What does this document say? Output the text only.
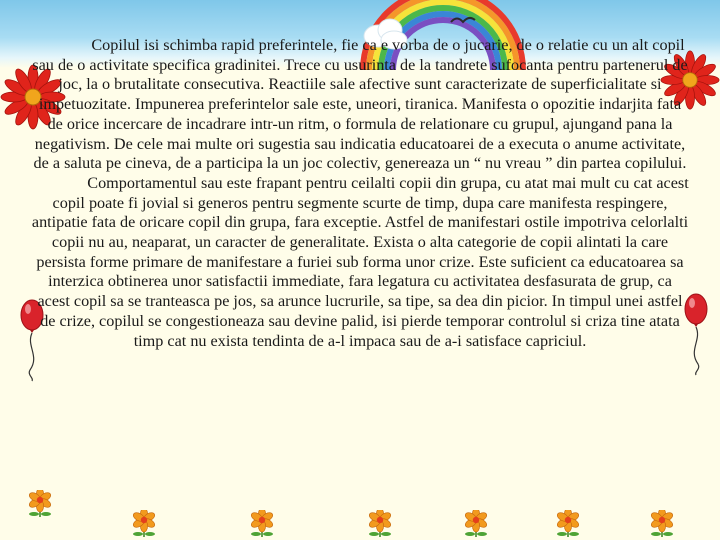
Copilul isi schimba rapid preferintele, fie ca e vorba de o jucarie, de o relatie cu un alt copil sau de o activitate specifica gradinitei. Trece cu usurinta de la tandrete sufocanta pentru partenerul de joc, la o brutalitate consecutiva. Reactiile sale afective sunt caracterizate de superficialitate si impetuozitate. Impunerea preferintelor sale este, uneori, tiranica. Manifesta o opozitie indarjita fata de orice incercare de incadrare intr-un ritm, o formula de relationare cu grupul, ajungand pana la negativism. De cele mai multe ori sugestia sau indicatia educatoarei de a executa o anume activitate, de a saluta pe cineva, de a participa la un joc colectiv, genereaza un “ nu vreau ” din partea copilului.

Comportamentul sau este frapant pentru ceilalti copii din grupa, cu atat mai mult cu cat acest copil poate fi jovial si generos pentru segmente scurte de timp, dupa care manifesta respingere, antipatie fata de oricare copil din grupa, fara exceptie. Astfel de manifestari ostile impotriva celorlalti copii nu au, neaparat, un caracter de generalitate. Exista o alta categorie de copii alintati la care persista forme primare de manifestare a furiei sub forma unor crize. Este suficient ca educatoarea sa interzica obtinerea unor satisfactii immediate, fara legatura cu activitatea desfasurata de grup, ca acest copil sa se tranteasca pe jos, sa arunce lucrurile, sa tipe, sa dea din picior. In timpul unei astfel de crize, copilul se congestioneaza sau devine palid, isi pierde temporar controlul si criza tine atata timp cat nu exista tendinta de a-l impaca sau de a-i satisface capriciul.
